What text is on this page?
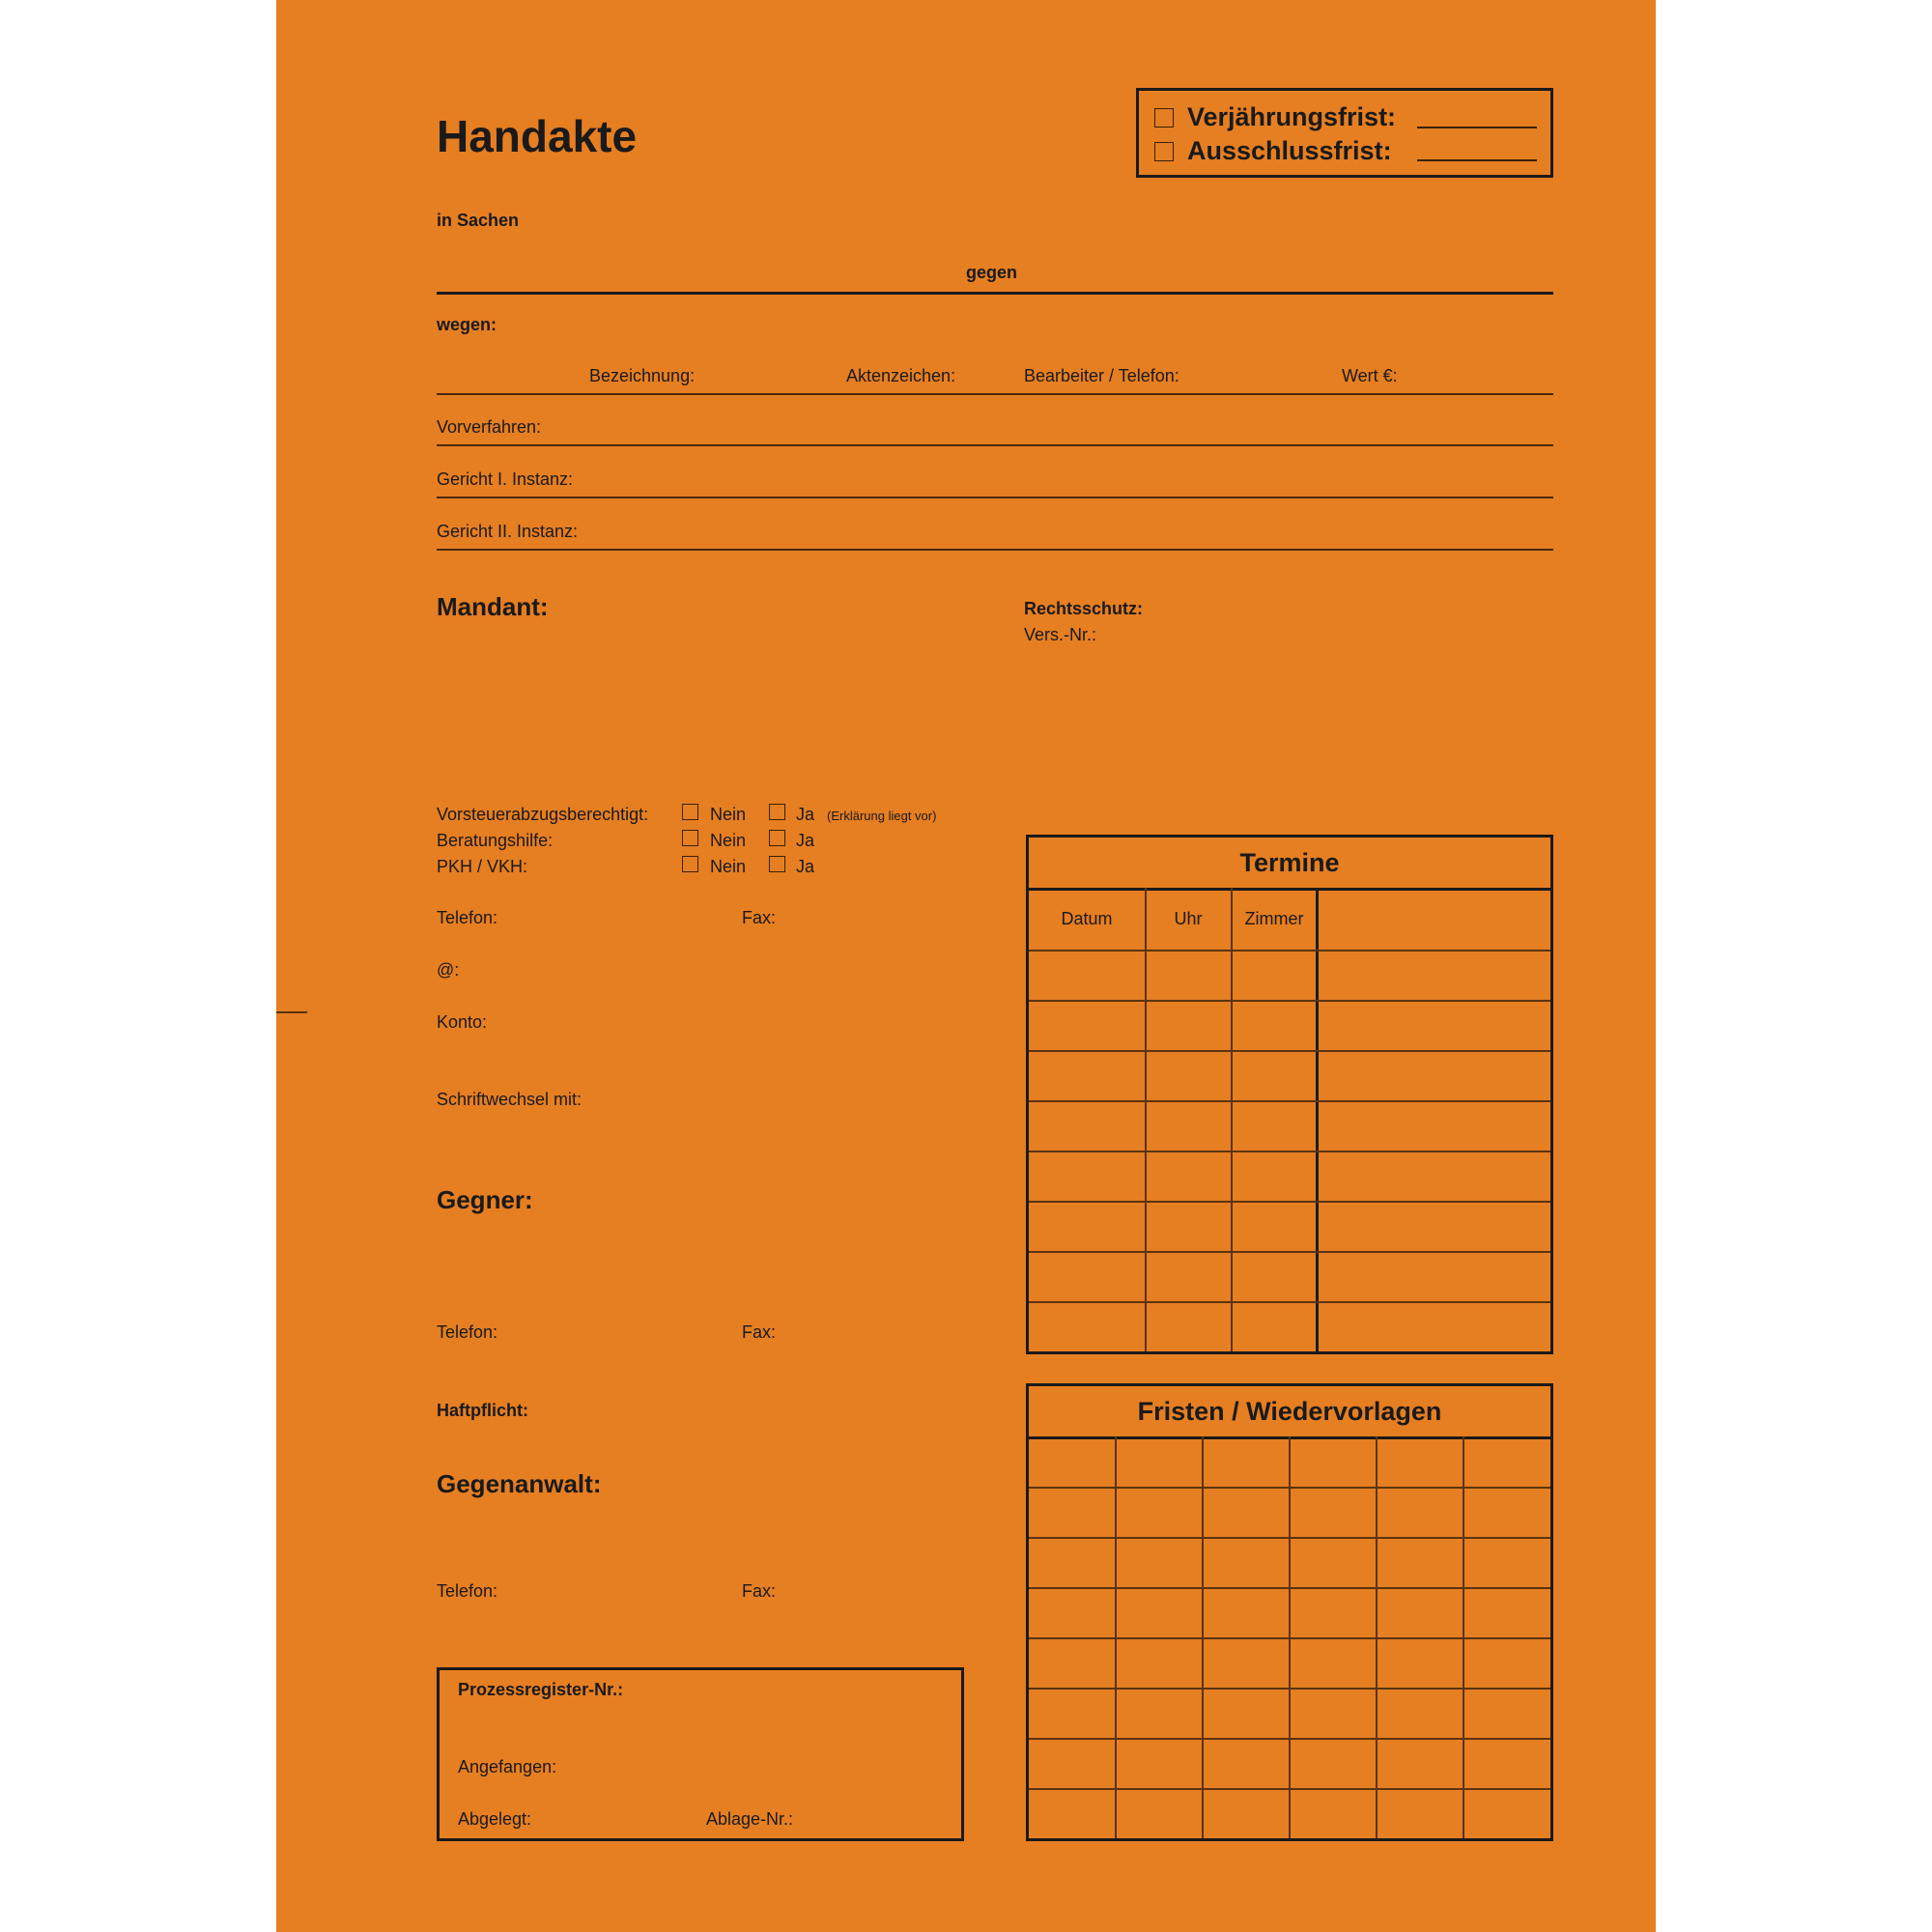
Handakte	Verjährungsfrist:
Ausschlussfrist:
in Sachen
gegen
wegen:
Bezeichnung:	Aktenzeichen:	Bearbeiter / Telefon:	Wert €:
Vorverfahren:
Gericht I. Instanz:
Gericht II. Instanz:
Mandant:	Rechtsschutz:
Vers.-Nr.:
Vorsteuerabzugsberechtigt:	Nein	Ja (Erklärung liegt vor)
Beratungshilfe:	Nein	Ja
PKH / VKH:	Nein	Ja
Telefon:	Fax:
@:
Konto:
Schriftwechsel mit:
Gegner:
Telefon:	Fax:
Haftpflicht:
Gegenanwalt:
Telefon:	Fax:
Prozessregister-Nr.:
Angefangen:
Abgelegt:	Ablage-Nr.:
Termine
Datum	Uhr	Zimmer
Fristen / Wiedervorlagen
